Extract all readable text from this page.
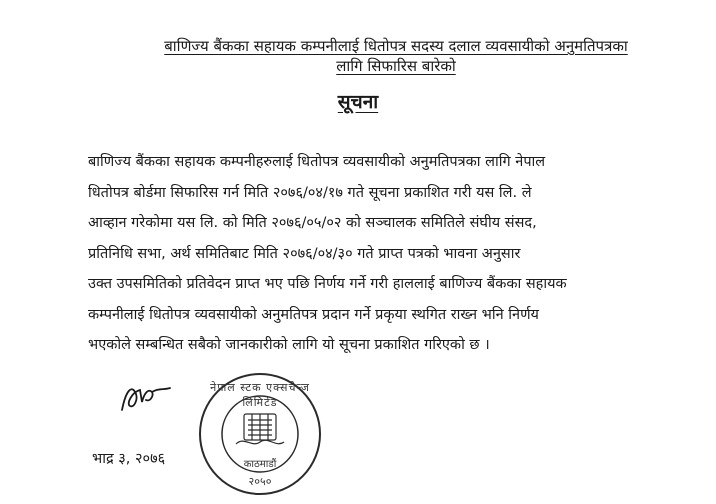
बाणिज्य बैंकका सहायक कम्पनीलाई धितोपत्र सदस्य दलाल व्यवसायीको अनुमतिपत्रका
लागि सिफारिस बारेको
सूचना
बाणिज्य बैंकका सहायक कम्पनीहरुलाई धितोपत्र व्यवसायीको अनुमतिपत्रका लागि नेपाल
धितोपत्र बोर्डमा सिफारिस गर्न मिति २०७६/०४/१७ गते सूचना प्रकाशित गरी यस लि. ले
आव्हान गरेकोमा यस लि. को मिति २०७६/०५/०२ को सञ्चालक समितिले संघीय संसद,
प्रतिनिधि सभा, अर्थ समितिबाट मिति २०७६/०४/३० गते प्राप्त पत्रको भावना अनुसार
उक्त उपसमितिको प्रतिवेदन प्राप्त भए पछि निर्णय गर्ने गरी हाललाई बाणिज्य बैंकका सहायक
कम्पनीलाई धितोपत्र व्यवसायीको अनुमतिपत्र प्रदान गर्ने प्रकृया स्थगित राख्न भनि निर्णय
भएकोले सम्बन्धित सबैको जानकारीको लागि यो सूचना प्रकाशित गरिएको छ ।
भाद्र ३, २०७६
नेपाल स्टक एक्सचेन्ज लिमिटेड
काठमाडौं
२०५०
